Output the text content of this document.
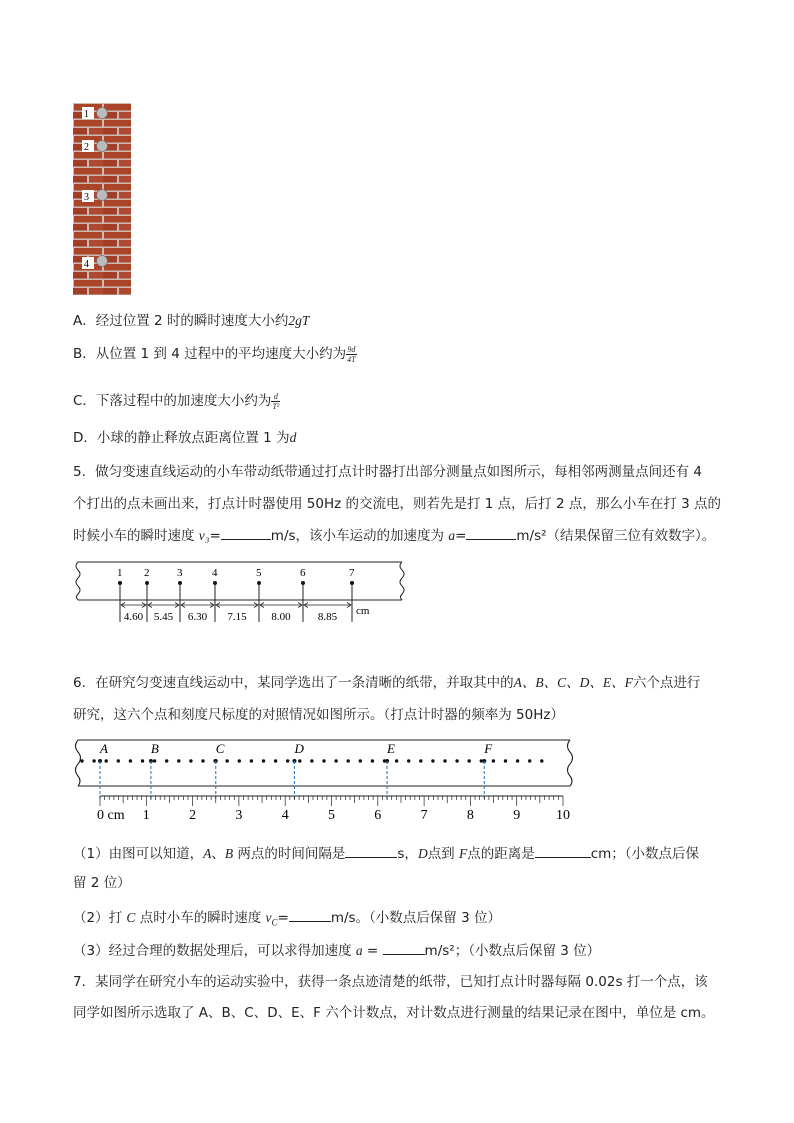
1
2
3
4
A．经过位置 2 时的瞬时速度大小约2gT
B．从位置 1 到 4 过程中的平均速度大小约为 $\frac{9d}{4T}$
C．下落过程中的加速度大小约为 $\frac{d}{\text{T²}}$
D．小球的静止释放点距离位置 1 为d
5．做匀变速直线运动的小车带动纸带通过打点计时器打出部分测量点如图所示，每相邻两测量点间还有 4
个打出的点未画出来，打点计时器使用 50Hz 的交流电，则若先是打 1 点，后打 2 点，那么小车在打 3 点的
时候小车的瞬时速度 v₃=	m/s，该小车运动的加速度为 a=	m/s²（结果保留三位有效数字）。
1 2	3	4	5	6	7
4.60 5.45 6.30 7.15 8.00 8.85 cm
6．在研究匀变速直线运动中，某同学选出了一条清晰的纸带，并取其中的A、B、C、D、E、F六个点进行
研究，这六个点和刻度尺标度的对照情况如图所示。（打点计时器的频率为 50Hz）
A	B	C	D	E	F
0 cm 1	2	3	4	5	6	7	8	9	10
（1）由图可以知道，A、B 两点的时间间隔是	s，D点到 F点的距离是	cm；（小数点后保
留 2 位）
（2）打 C 点时小车的瞬时速度 $v_C=$	m/s。（小数点后保留 3 位）
（3）经过合理的数据处理后，可以求得加速度 a =	m/s²；（小数点后保留 3 位）
7．某同学在研究小车的运动实验中，获得一条点迹清楚的纸带，已知打点计时器每隔 0.02s 打一个点，该
同学如图所示选取了 A、B、C、D、E、F 六个计数点，对计数点进行测量的结果记录在图中，单位是 cm。
